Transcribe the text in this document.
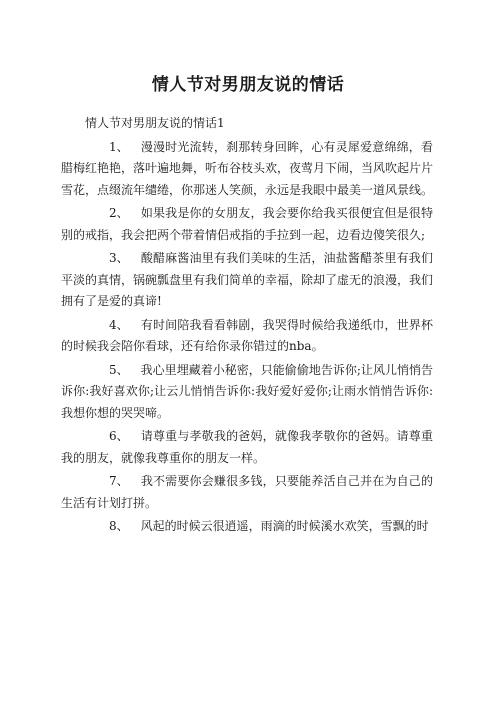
情人节对男朋友说的情话

情人节对男朋友说的情话1

1、 漫漫时光流转，刹那转身回眸，心有灵犀爱意绵绵，看腊梅红艳艳，落叶遍地舞，听布谷枝头欢，夜莺月下闹，当风吹起片片雪花，点缀流年缱绻，你那迷人笑颜，永远是我眼中最美一道风景线。

2、 如果我是你的女朋友，我会要你给我买很便宜但是很特别的戒指，我会把两个带着情侣戒指的手拉到一起，边看边傻笑很久;

3、 酸醋麻酱油里有我们美味的生活，油盐酱醋茶里有我们平淡的真情，锅碗瓢盘里有我们简单的幸福，除却了虚无的浪漫，我们拥有了是爱的真谛!

4、 有时间陪我看看韩剧，我哭得时候给我递纸巾，世界杯的时候我会陪你看球，还有给你录你错过的nba。

5、 我心里埋藏着小秘密，只能偷偷地告诉你;让风儿悄悄告诉你:我好喜欢你;让云儿悄悄告诉你:我好爱好爱你;让雨水悄悄告诉你:我想你想的哭哭啼。

6、 请尊重与孝敬我的爸妈，就像我孝敬你的爸妈。请尊重我的朋友，就像我尊重你的朋友一样。

7、 我不需要你会赚很多钱，只要能养活自己并在为自己的生活有计划打拼。

8、 风起的时候云很逍遥，雨滴的时候溪水欢笑，雪飘的时
